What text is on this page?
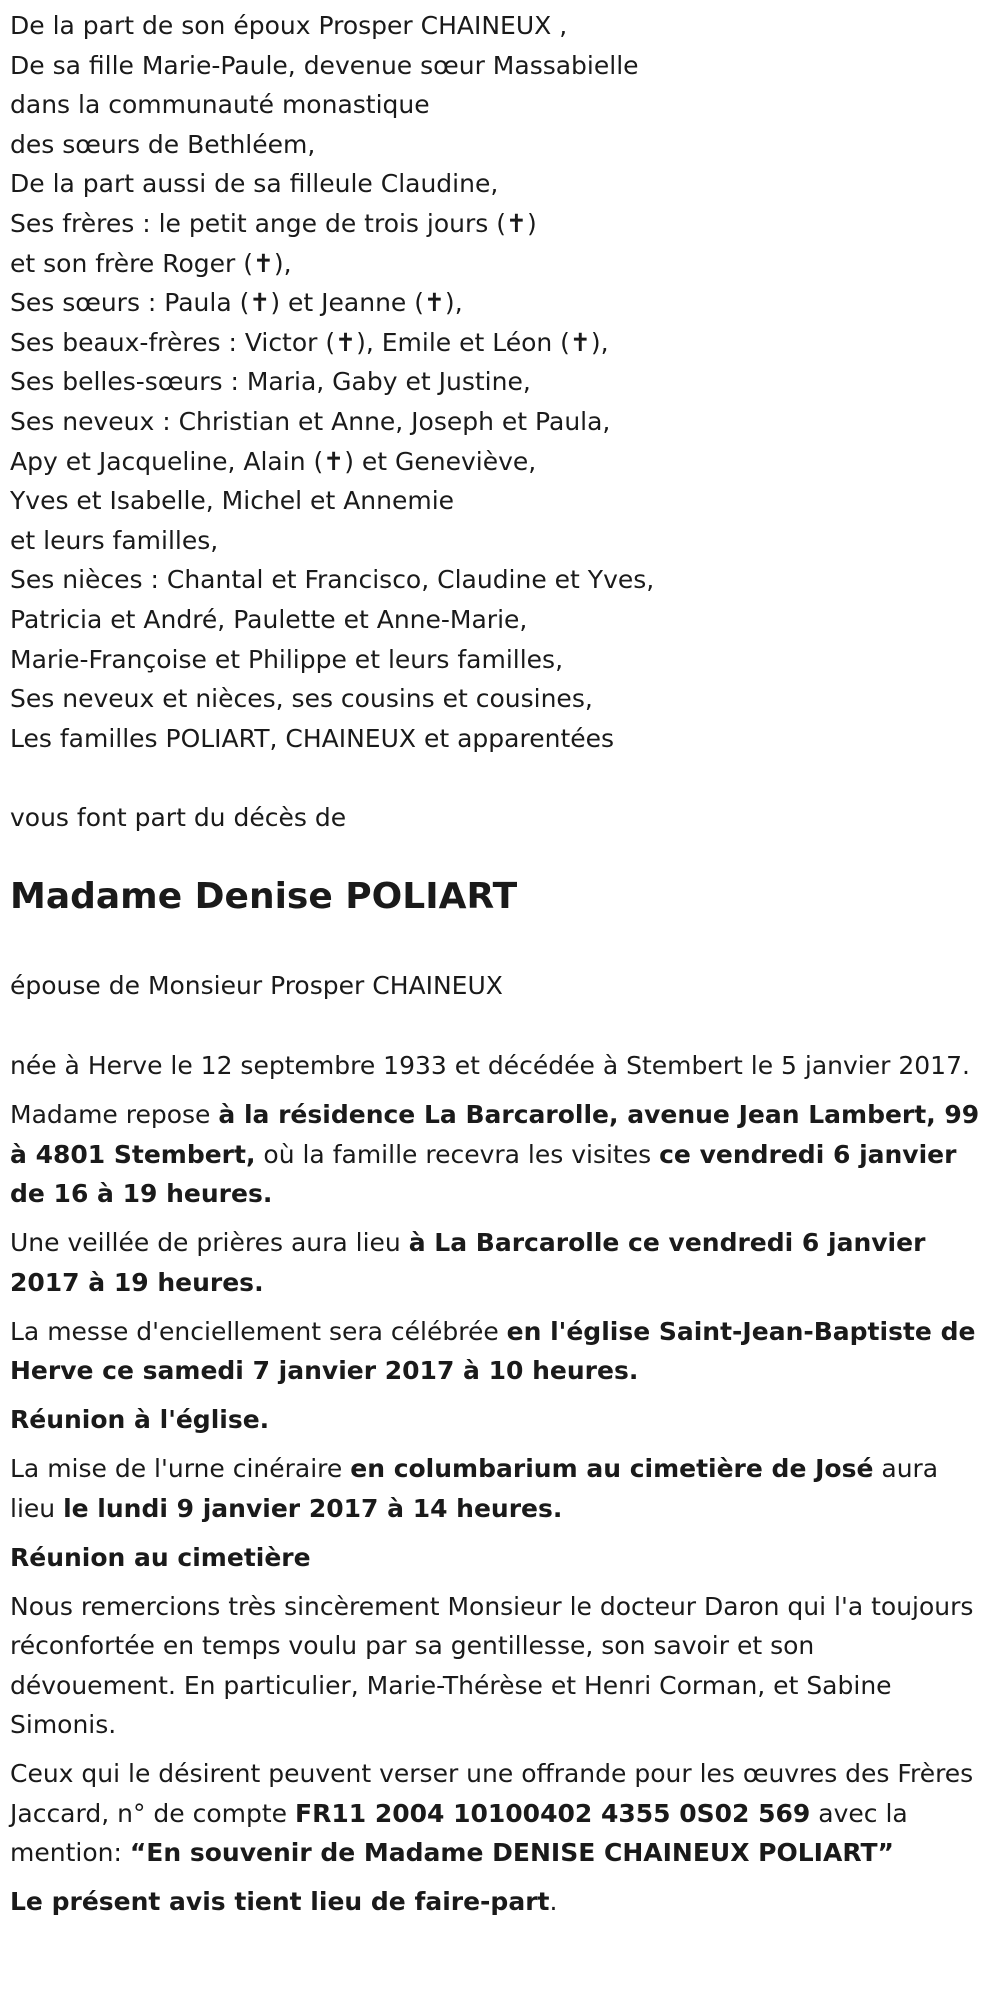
De la part de son époux Prosper CHAINEUX ,
De sa fille Marie-Paule, devenue sœur Massabielle
dans la communauté monastique
des sœurs de Bethléem,
De la part aussi de sa filleule Claudine,
Ses frères : le petit ange de trois jours (✝)
et son frère Roger (✝),
Ses sœurs : Paula (✝) et Jeanne (✝),
Ses beaux-frères : Victor (✝), Emile et Léon (✝),
Ses belles-sœurs : Maria, Gaby et Justine,
Ses neveux : Christian et Anne, Joseph et Paula,
Apy et Jacqueline, Alain (✝) et Geneviève,
Yves et Isabelle, Michel et Annemie
et leurs familles,
Ses nièces : Chantal et Francisco, Claudine et Yves,
Patricia et André, Paulette et Anne-Marie,
Marie-Françoise et Philippe et leurs familles,
Ses neveux et nièces, ses cousins et cousines,
Les familles POLIART, CHAINEUX et apparentées
vous font part du décès de
Madame Denise POLIART
épouse de Monsieur Prosper CHAINEUX

née à Herve le 12 septembre 1933 et décédée à Stembert le 5 janvier 2017.

Madame repose à la résidence La Barcarolle, avenue Jean Lambert, 99 à 4801 Stembert, où la famille recevra les visites ce vendredi 6 janvier de 16 à 19 heures.

Une veillée de prières aura lieu à La Barcarolle ce vendredi 6 janvier 2017 à 19 heures.

La messe d'enciellement sera célébrée en l'église Saint-Jean-Baptiste de Herve ce samedi 7 janvier 2017 à 10 heures.

Réunion à l'église.

La mise de l'urne cinéraire en columbarium au cimetière de José aura lieu le lundi 9 janvier 2017 à 14 heures.

Réunion au cimetière

Nous remercions très sincèrement Monsieur le docteur Daron qui l'a toujours réconfortée en temps voulu par sa gentillesse, son savoir et son dévouement. En particulier, Marie-Thérèse et Henri Corman, et Sabine Simonis.

Ceux qui le désirent peuvent verser une offrande pour les œuvres des Frères Jaccard, n° de compte FR11 2004 10100402 4355 0S02 569 avec la mention: “En souvenir de Madame DENISE CHAINEUX POLIART”

Le présent avis tient lieu de faire-part.
